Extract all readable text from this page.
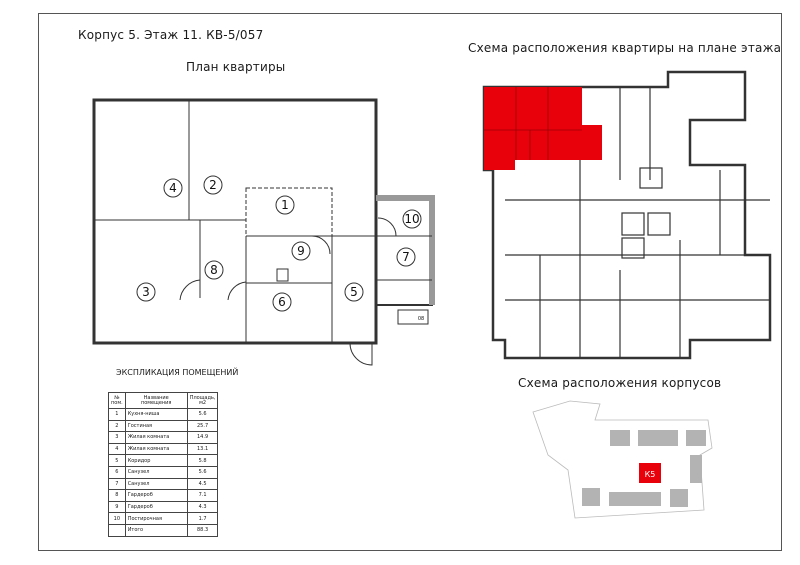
Корпус 5. Этаж 11. КВ-5/057
План квартиры
Схема расположения квартиры на плане этажа
Схема расположения корпусов
ЭКСПЛИКАЦИЯ ПОМЕЩЕНИЙ
4	2
1
3
8
6
9
5
7
10
08
К5
№ пом.	Название помещения	Площадь, м2
1	Кухня-ниша	5.6
2	Гостиная	25.7
3	Жилая комната	14.9
4	Жилая комната	13.1
5	Коридор	5.8
6	Санузел	5.6
7	Санузел	4.5
8	Гардероб	7.1
9	Гардероб	4.3
10	Постирочная	1.7
	Итого	88.3
